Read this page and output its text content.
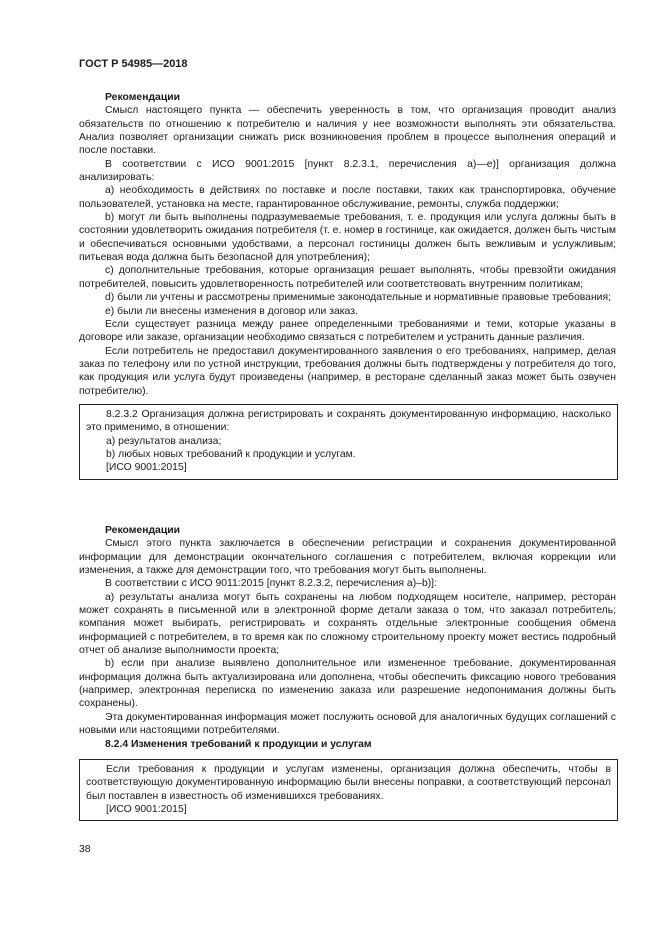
ГОСТ Р 54985—2018

Рекомендации

Смысл настоящего пункта — обеспечить уверенность в том, что организация проводит анализ обязательств по отношению к потребителю и наличия у нее возможности выполнять эти обязательства. Анализ позволяет организации снижать риск возникновения проблем в процессе выполнения операций и после поставки.

В соответствии с ИСО 9001:2015 [пункт 8.2.3.1, перечисления а)—е)] организация должна анализировать:

a) необходимость в действиях по поставке и после поставки, таких как транспортировка, обучение пользователей, установка на месте, гарантированное обслуживание, ремонты, служба поддержки;

b) могут ли быть выполнены подразумеваемые требования, т. е. продукция или услуга должны быть в состоянии удовлетворить ожидания потребителя (т. е. номер в гостинице, как ожидается, должен быть чистым и обеспечиваться основными удобствами, а персонал гостиницы должен быть вежливым и услужливым; питьевая вода должна быть безопасной для употребления);

c) дополнительные требования, которые организация решает выполнять, чтобы превзойти ожидания потребителей, повысить удовлетворенность потребителей или соответствовать внутренним политикам;

d) были ли учтены и рассмотрены применимые законодательные и нормативные правовые требования;

e) были ли внесены изменения в договор или заказ.

Если существует разница между ранее определенными требованиями и теми, которые указаны в договоре или заказе, организации необходимо связаться с потребителем и устранить данные различия.

Если потребитель не предоставил документированного заявления о его требованиях, например, делая заказ по телефону или по устной инструкции, требования должны быть подтверждены у потребителя до того, как продукция или услуга будут произведены (например, в ресторане сделанный заказ может быть озвучен потребителю).

8.2.3.2 Организация должна регистрировать и сохранять документированную информацию, насколько это применимо, в отношении:

a) результатов анализа;

b) любых новых требований к продукции и услугам.

[ИСО 9001:2015]

Рекомендации

Смысл этого пункта заключается в обеспечении регистрации и сохранения документированной информации для демонстрации окончательного соглашения с потребителем, включая коррекции или изменения, а также для демонстрации того, что требования могут быть выполнены.

В соответствии с ИСО 9011:2015 [пункт 8.2.3.2, перечисления a)–b)]:

a) результаты анализа могут быть сохранены на любом подходящем носителе, например, ресторан может сохранять в письменной или в электронной форме детали заказа о том, что заказал потребитель; компания может выбирать, регистрировать и сохранять отдельные электронные сообщения обмена информацией с потребителем, в то время как по сложному строительному проекту может вестись подробный отчет об анализе выполнимости проекта;

b) если при анализе выявлено дополнительное или измененное требование, документированная информация должна быть актуализирована или дополнена, чтобы обеспечить фиксацию нового требования (например, электронная переписка по изменению заказа или разрешение недопонимания должны быть сохранены).

Эта документированная информация может послужить основой для аналогичных будущих соглашений с новыми или настоящими потребителями.

8.2.4 Изменения требований к продукции и услугам

Если требования к продукции и услугам изменены, организация должна обеспечить, чтобы в соответствующую документированную информацию были внесены поправки, а соответствующий персонал был поставлен в известность об изменившихся требованиях.

[ИСО 9001:2015]

38
